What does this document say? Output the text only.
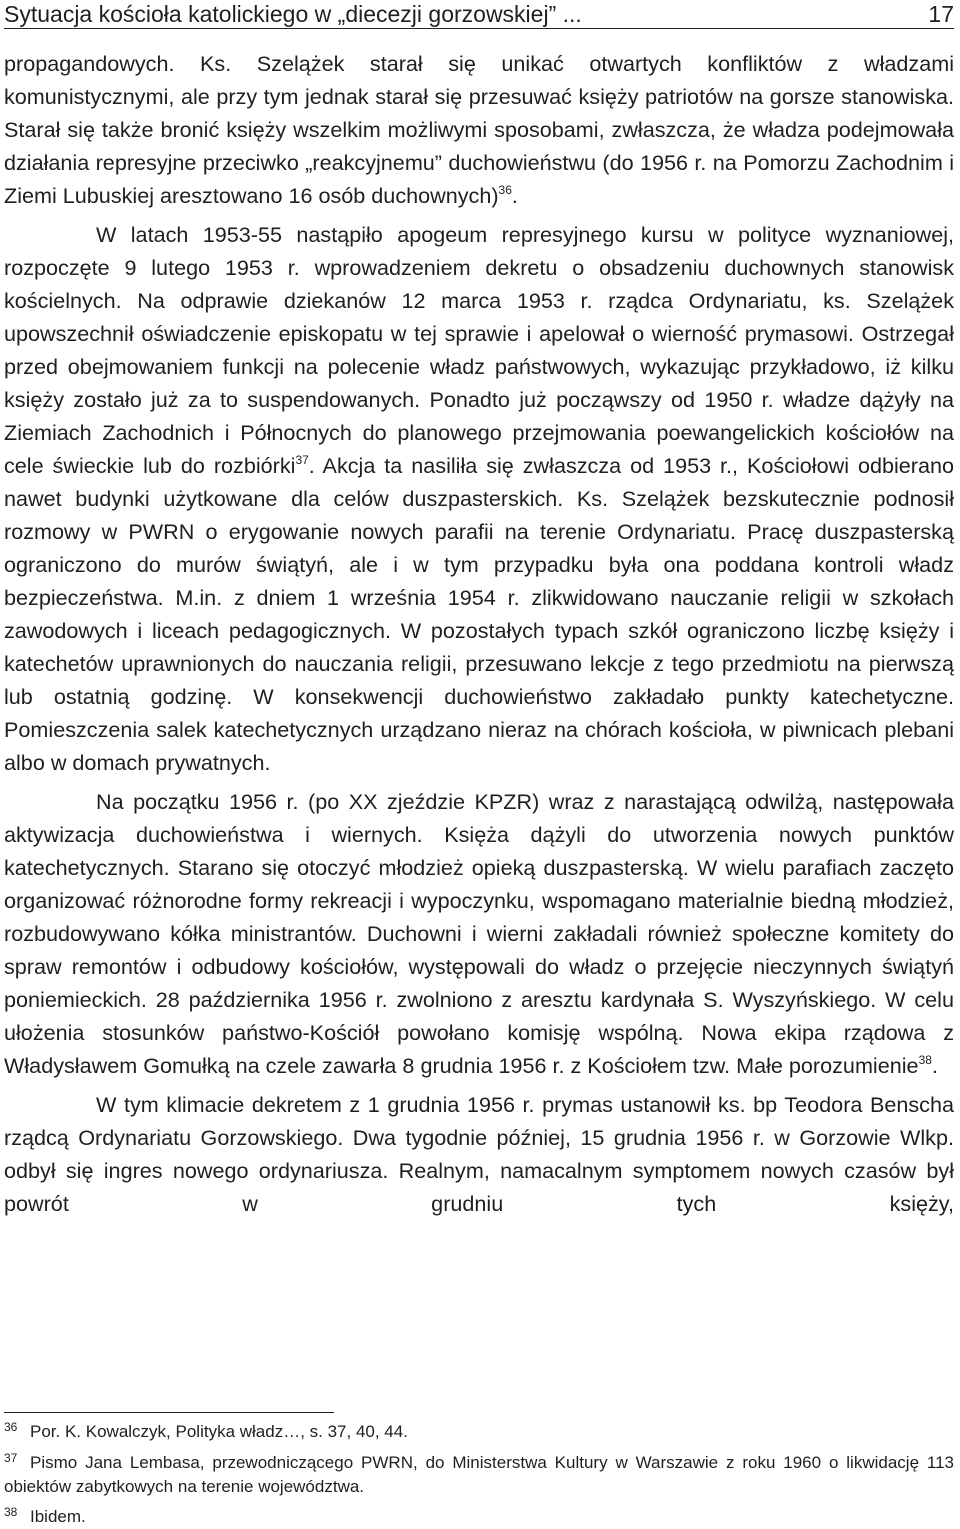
Sytuacja kościoła katolickiego w „diecezji gorzowskiej” ...	17

propagandowych. Ks. Szelążek starał się unikać otwartych konfliktów z władzami komunistycznymi, ale przy tym jednak starał się przesuwać księży patriotów na gorsze stanowiska. Starał się także bronić księży wszelkim możliwymi sposobami, zwłaszcza, że władza podejmowała działania represyjne przeciwko „reakcyjnemu” duchowieństwu (do 1956 r. na Pomorzu Zachodnim i Ziemi Lubuskiej aresztowano 16 osób duchownych)$^{36}$.

W latach 1953-55 nastąpiło apogeum represyjnego kursu w polityce wyznaniowej, rozpoczęte 9 lutego 1953 r. wprowadzeniem dekretu o obsadzeniu duchownych stanowisk kościelnych. Na odprawie dziekanów 12 marca 1953 r. rządca Ordynariatu, ks. Szelążek upowszechnił oświadczenie episkopatu w tej sprawie i apelował o wierność prymasowi. Ostrzegał przed obejmowaniem funkcji na polecenie władz państwowych, wykazując przykładowo, iż kilku księży zostało już za to suspendowanych. Ponadto już począwszy od 1950 r. władze dążyły na Ziemiach Zachodnich i Północnych do planowego przejmowania poewangelickich kościołów na cele świeckie lub do rozbiórki$^{37}$. Akcja ta nasiliła się zwłaszcza od 1953 r., Kościołowi odbierano nawet budynki użytkowane dla celów duszpasterskich. Ks. Szelążek bezskutecznie podnosił rozmowy w PWRN o erygowanie nowych parafii na terenie Ordynariatu. Pracę duszpasterską ograniczono do murów świątyń, ale i w tym przypadku była ona poddana kontroli władz bezpieczeństwa. M.in. z dniem 1 września 1954 r. zlikwidowano nauczanie religii w szkołach zawodowych i liceach pedagogicznych. W pozostałych typach szkół ograniczono liczbę księży i katechetów uprawnionych do nauczania religii, przesuwano lekcje z tego przedmiotu na pierwszą lub ostatnią godzinę. W konsekwencji duchowieństwo zakładało punkty katechetyczne. Pomieszczenia salek katechetycznych urządzano nieraz na chórach kościoła, w piwnicach plebani albo w domach prywatnych.

Na początku 1956 r. (po XX zjeździe KPZR) wraz z narastającą odwilżą, następowała aktywizacja duchowieństwa i wiernych. Księża dążyli do utworzenia nowych punktów katechetycznych. Starano się otoczyć młodzież opieką duszpasterską. W wielu parafiach zaczęto organizować różnorodne formy rekreacji i wypoczynku, wspomagano materialnie biedną młodzież, rozbudowywano kółka ministrantów. Duchowni i wierni zakładali również społeczne komitety do spraw remontów i odbudowy kościołów, występowali do władz o przejęcie nieczynnych świątyń poniemieckich. 28 października 1956 r. zwolniono z aresztu kardynała S. Wyszyńskiego. W celu ułożenia stosunków państwo-Kościół powołano komisję wspólną. Nowa ekipa rządowa z Władysławem Gomułką na czele zawarła 8 grudnia 1956 r. z Kościołem tzw. Małe porozumienie$^{38}$.

W tym klimacie dekretem z 1 grudnia 1956 r. prymas ustanowił ks. bp Teodora Benscha rządcą Ordynariatu Gorzowskiego. Dwa tygodnie później, 15 grudnia 1956 r. w Gorzowie Wlkp. odbył się ingres nowego ordynariusza. Realnym, namacalnym symptomem nowych czasów był powrót w grudniu tych księży,

36 Por. K. Kowalczyk, Polityka władz…, s. 37, 40, 44.
37 Pismo Jana Lembasa, przewodniczącego PWRN, do Ministerstwa Kultury w Warszawie z roku 1960 o likwidację 113 obiektów zabytkowych na terenie województwa.
38 Ibidem.
